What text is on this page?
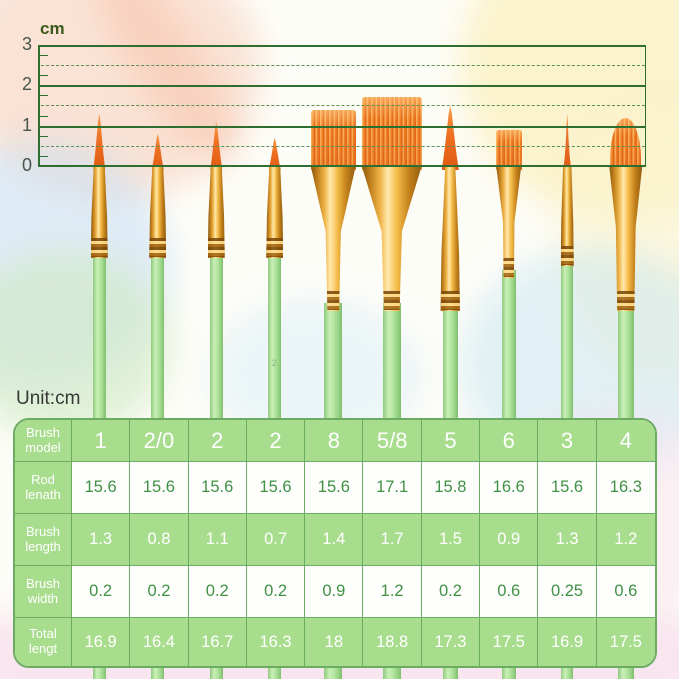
2
3
2
1
0
cm
Unit:cm
Brush model	1	2/0	2	2	8	5/8	5	6	3	4
Rod lenath	15.6	15.6	15.6	15.6	15.6	17.1	15.8	16.6	15.6	16.3
Brush length	1.3	0.8	1.1	0.7	1.4	1.7	1.5	0.9	1.3	1.2
Brush width	0.2	0.2	0.2	0.2	0.9	1.2	0.2	0.6	0.25	0.6
Total lengt	16.9	16.4	16.7	16.3	18	18.8	17.3	17.5	16.9	17.5
